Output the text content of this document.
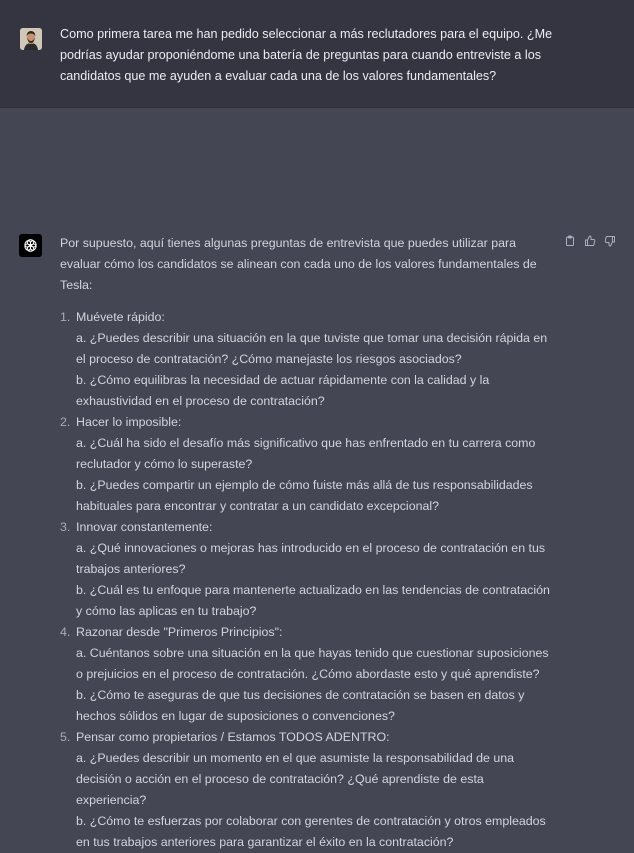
Como primera tarea me han pedido seleccionar a más reclutadores para el equipo. ¿Me podrías ayudar proponiéndome una batería de preguntas para cuando entreviste a los candidatos que me ayuden a evaluar cada una de los valores fundamentales?

Por supuesto, aquí tienes algunas preguntas de entrevista que puedes utilizar para evaluar cómo los candidatos se alinean con cada uno de los valores fundamentales de Tesla:

1. Muévete rápido:
a. ¿Puedes describir una situación en la que tuviste que tomar una decisión rápida en el proceso de contratación? ¿Cómo manejaste los riesgos asociados?
b. ¿Cómo equilibras la necesidad de actuar rápidamente con la calidad y la exhaustividad en el proceso de contratación?
2. Hacer lo imposible:
a. ¿Cuál ha sido el desafío más significativo que has enfrentado en tu carrera como reclutador y cómo lo superaste?
b. ¿Puedes compartir un ejemplo de cómo fuiste más allá de tus responsabilidades habituales para encontrar y contratar a un candidato excepcional?
3. Innovar constantemente:
a. ¿Qué innovaciones o mejoras has introducido en el proceso de contratación en tus trabajos anteriores?
b. ¿Cuál es tu enfoque para mantenerte actualizado en las tendencias de contratación y cómo las aplicas en tu trabajo?
4. Razonar desde "Primeros Principios":
a. Cuéntanos sobre una situación en la que hayas tenido que cuestionar suposiciones o prejuicios en el proceso de contratación. ¿Cómo abordaste esto y qué aprendiste?
b. ¿Cómo te aseguras de que tus decisiones de contratación se basen en datos y hechos sólidos en lugar de suposiciones o convenciones?
5. Pensar como propietarios / Estamos TODOS ADENTRO:
a. ¿Puedes describir un momento en el que asumiste la responsabilidad de una decisión o acción en el proceso de contratación? ¿Qué aprendiste de esta experiencia?
b. ¿Cómo te esfuerzas por colaborar con gerentes de contratación y otros empleados en tus trabajos anteriores para garantizar el éxito en la contratación?
